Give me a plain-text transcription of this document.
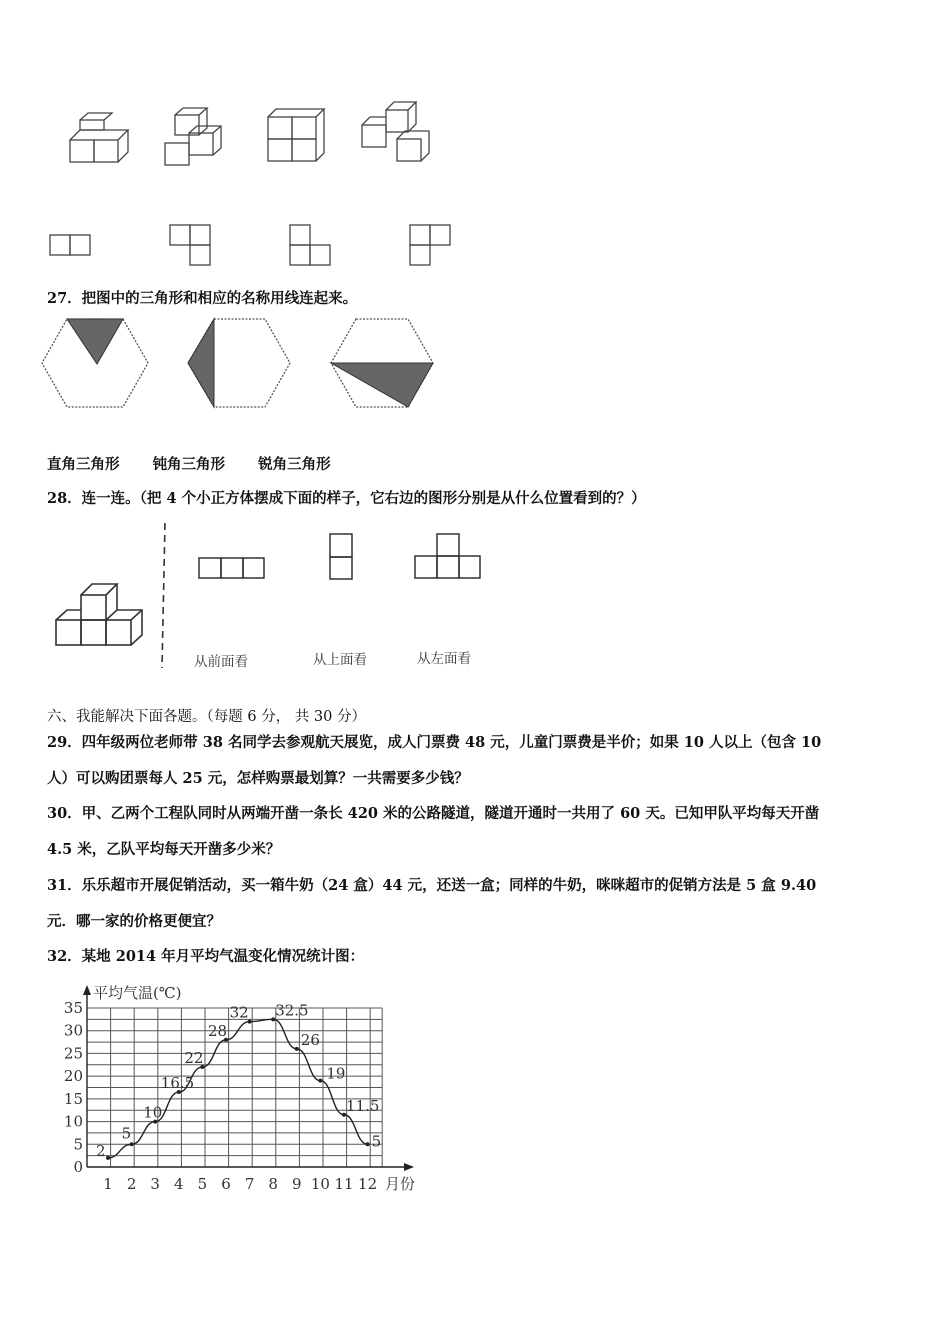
27．把图中的三角形和相应的名称用线连起来。
直角三角形 钝角三角形 锐角三角形
28．连一连。（把 4 个小正方体摆成下面的样子，它右边的图形分别是从什么位置看到的？）
从前面看	从上面看	从左面看
六、我能解决下面各题。（每题 6 分， 共 30 分）
29．四年级两位老师带 38 名同学去参观航天展览，成人门票费 48 元，儿童门票费是半价；如果 10 人以上（包含 10
人）可以购团票每人 25 元，怎样购票最划算？一共需要多少钱？
30．甲、乙两个工程队同时从两端开凿一条长 420 米的公路隧道，隧道开通时一共用了 60 天。已知甲队平均每天开凿
4.5 米，乙队平均每天开凿多少米？
31．乐乐超市开展促销活动，买一箱牛奶（24 盒）44 元，还送一盒；同样的牛奶，咪咪超市的促销方法是 5 盒 9.40
元．哪一家的价格更便宜？
32．某地 2014 年月平均气温变化情况统计图：
0
5
10
15
20
25
30
35
1 2 3 4 5 6 7 8 9 10 11 12
平均气温(℃)
月份
2
5
10
16.5
22
28
32 32.5
26
19
11.5
5
